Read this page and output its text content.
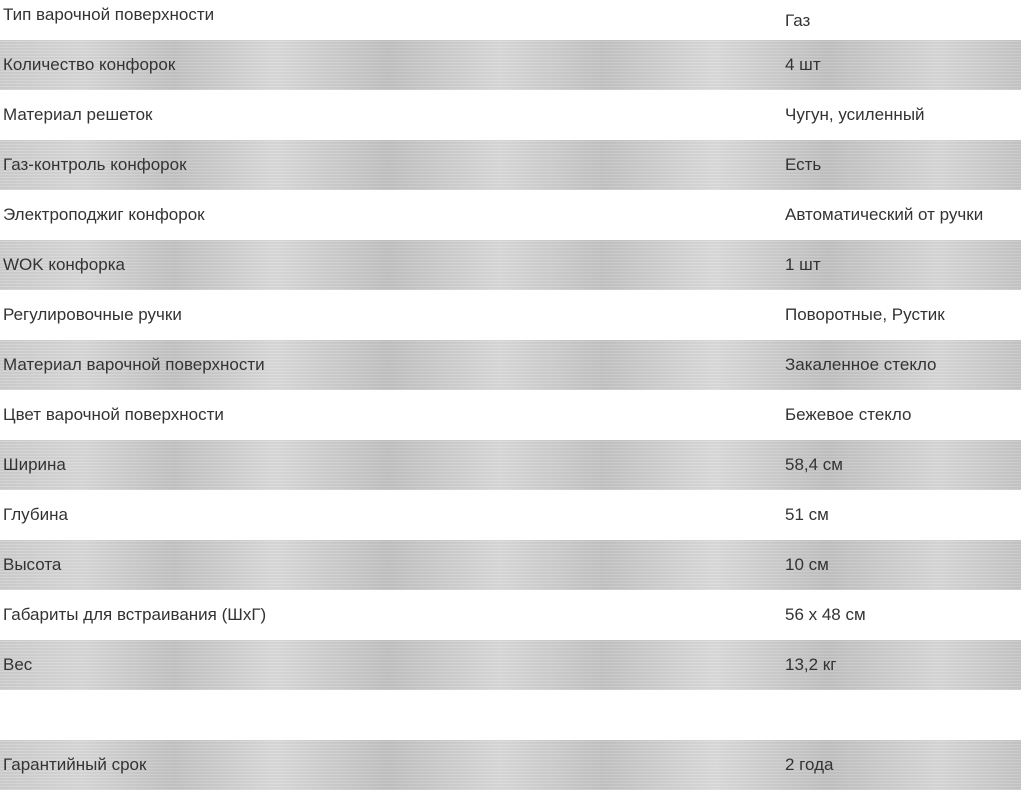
Тип варочной поверхности	Газ
Количество конфорок	4 шт
Материал решеток	Чугун, усиленный
Газ-контроль конфорок	Есть
Электроподжиг конфорок	Автоматический от ручки
WOK конфорка	1 шт
Регулировочные ручки	Поворотные, Рустик
Материал варочной поверхности	Закаленное стекло
Цвет варочной поверхности	Бежевое стекло
Ширина	58,4 см
Глубина	51 см
Высота	10 см
Габариты для встраивания (ШхГ)	56 х 48 см
Вес	13,2 кг
Гарантийный срок	2 года
